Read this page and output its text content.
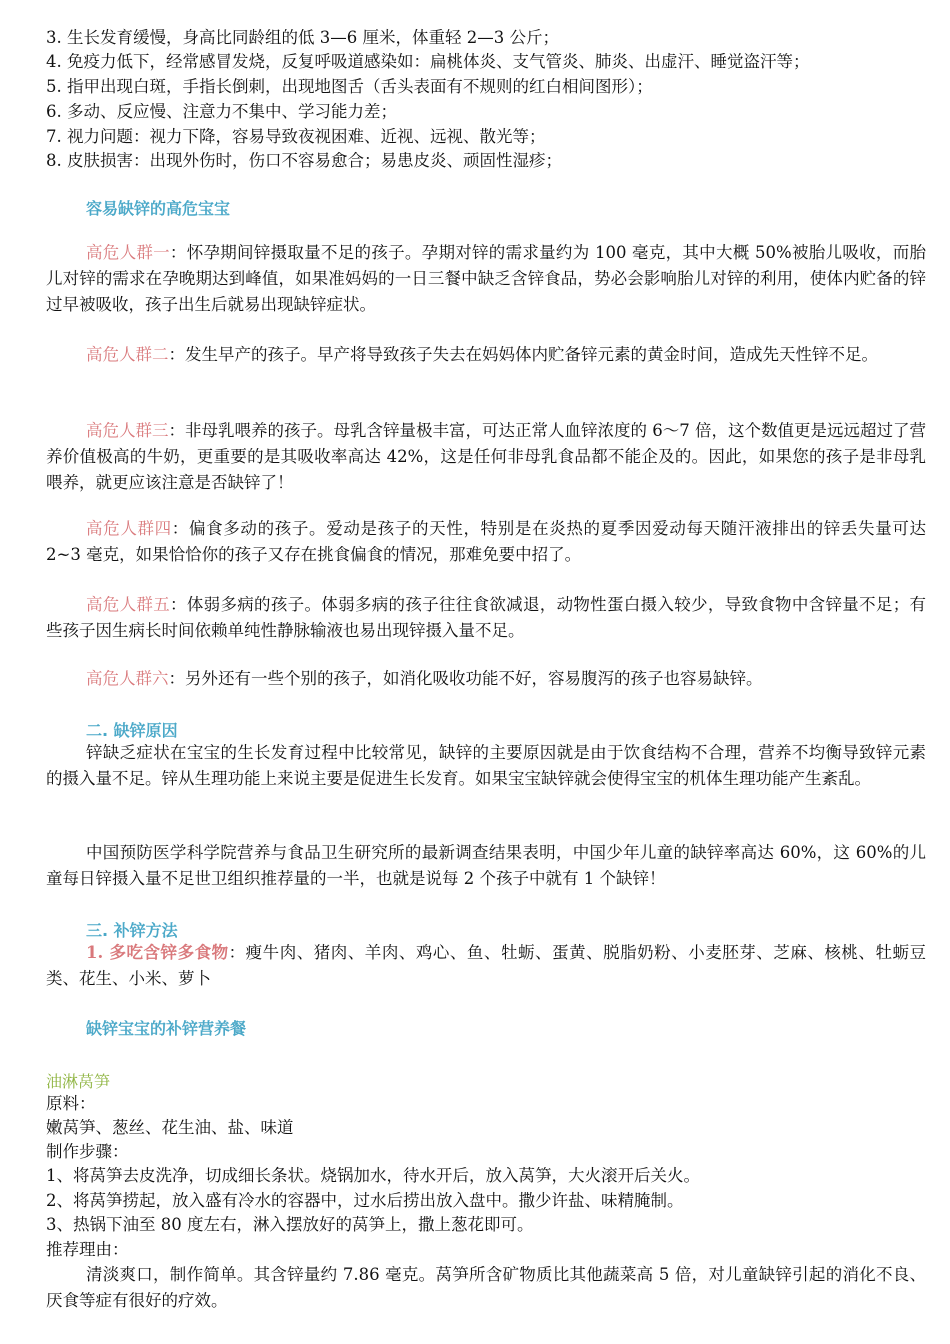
3. 生长发育缓慢，身高比同龄组的低 3—6 厘米，体重轻 2—3 公斤；
4. 免疫力低下，经常感冒发烧，反复呼吸道感染如：扁桃体炎、支气管炎、肺炎、出虚汗、睡觉盗汗等；
5. 指甲出现白斑，手指长倒刺，出现地图舌（舌头表面有不规则的红白相间图形）；
6. 多动、反应慢、注意力不集中、学习能力差；
7. 视力问题：视力下降，容易导致夜视困难、近视、远视、散光等；
8. 皮肤损害：出现外伤时，伤口不容易愈合；易患皮炎、顽固性湿疹；
容易缺锌的高危宝宝
高危人群一：怀孕期间锌摄取量不足的孩子。孕期对锌的需求量约为 100 毫克，其中大概 50%被胎儿吸收，而胎儿对锌的需求在孕晚期达到峰值，如果准妈妈的一日三餐中缺乏含锌食品，势必会影响胎儿对锌的利用，使体内贮备的锌过早被吸收，孩子出生后就易出现缺锌症状。
高危人群二：发生早产的孩子。早产将导致孩子失去在妈妈体内贮备锌元素的黄金时间，造成先天性锌不足。
高危人群三：非母乳喂养的孩子。母乳含锌量极丰富，可达正常人血锌浓度的 6～7 倍，这个数值更是远远超过了营养价值极高的牛奶，更重要的是其吸收率高达 42%，这是任何非母乳食品都不能企及的。因此，如果您的孩子是非母乳喂养，就更应该注意是否缺锌了！
高危人群四：偏食多动的孩子。爱动是孩子的天性，特别是在炎热的夏季因爱动每天随汗液排出的锌丢失量可达 2~3 毫克，如果恰恰你的孩子又存在挑食偏食的情况，那难免要中招了。
高危人群五：体弱多病的孩子。体弱多病的孩子往往食欲减退，动物性蛋白摄入较少，导致食物中含锌量不足；有些孩子因生病长时间依赖单纯性静脉输液也易出现锌摄入量不足。
高危人群六：另外还有一些个别的孩子，如消化吸收功能不好，容易腹泻的孩子也容易缺锌。
二. 缺锌原因
锌缺乏症状在宝宝的生长发育过程中比较常见，缺锌的主要原因就是由于饮食结构不合理，营养不均衡导致锌元素的摄入量不足。锌从生理功能上来说主要是促进生长发育。如果宝宝缺锌就会使得宝宝的机体生理功能产生紊乱。
中国预防医学科学院营养与食品卫生研究所的最新调查结果表明，中国少年儿童的缺锌率高达 60%，这 60%的儿童每日锌摄入量不足世卫组织推荐量的一半，也就是说每 2 个孩子中就有 1 个缺锌！
三. 补锌方法
1. 多吃含锌多食物：瘦牛肉、猪肉、羊肉、鸡心、鱼、牡蛎、蛋黄、脱脂奶粉、小麦胚芽、芝麻、核桃、牡蛎豆类、花生、小米、萝卜
缺锌宝宝的补锌营养餐
油淋莴笋
原料：
嫩莴笋、葱丝、花生油、盐、味道
制作步骤：
1、将莴笋去皮洗净，切成细长条状。烧锅加水，待水开后，放入莴笋，大火滚开后关火。
2、将莴笋捞起，放入盛有冷水的容器中，过水后捞出放入盘中。撒少许盐、味精腌制。
3、热锅下油至 80 度左右，淋入摆放好的莴笋上，撒上葱花即可。
推荐理由：
清淡爽口，制作简单。其含锌量约 7.86 毫克。莴笋所含矿物质比其他蔬菜高 5 倍，对儿童缺锌引起的消化不良、厌食等症有很好的疗效。
